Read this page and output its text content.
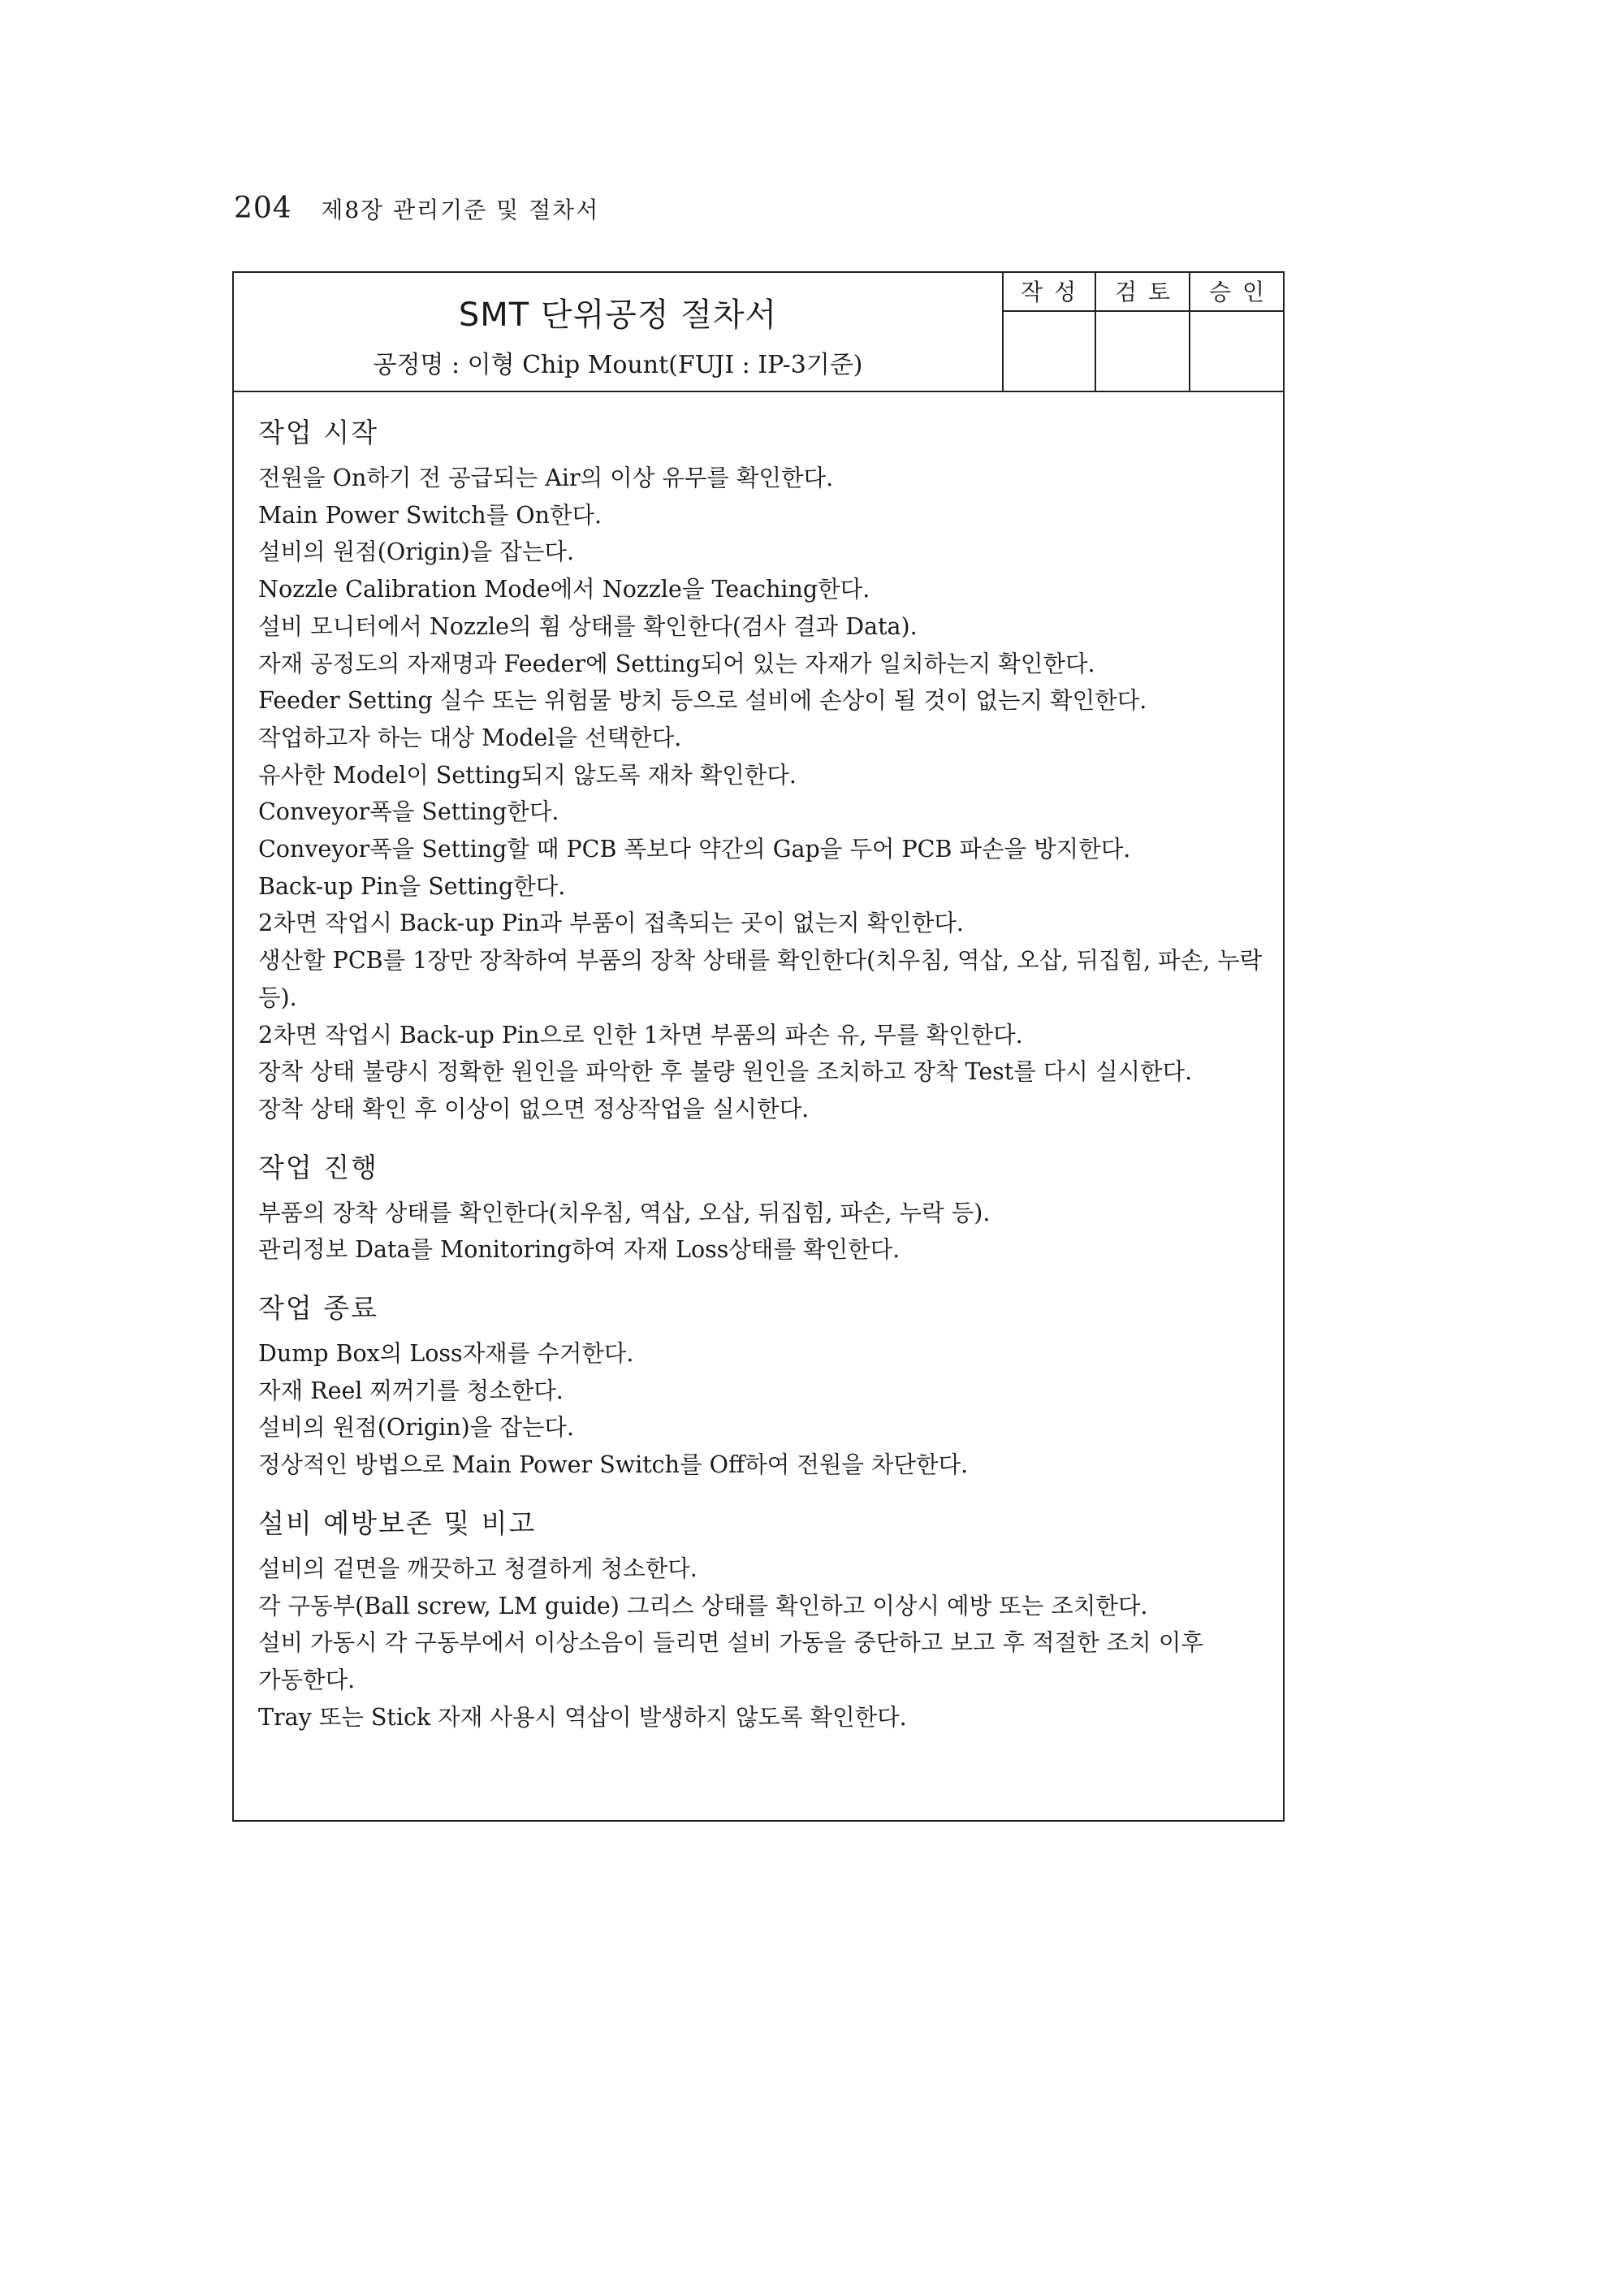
204 제8장 관리기준 및 절차서
SMT 단위공정 절차서
공정명 : 이형 Chip Mount(FUJI : IP-3기준)
작성	검토	승인
작업 시작
전원을 On하기 전 공급되는 Air의 이상 유무를 확인한다.
Main Power Switch를 On한다.
설비의 원점(Origin)을 잡는다.
Nozzle Calibration Mode에서 Nozzle을 Teaching한다.
설비 모니터에서 Nozzle의 휨 상태를 확인한다(검사 결과 Data).
자재 공정도의 자재명과 Feeder에 Setting되어 있는 자재가 일치하는지 확인한다.
Feeder Setting 실수 또는 위험물 방치 등으로 설비에 손상이 될 것이 없는지 확인한다.
작업하고자 하는 대상 Model을 선택한다.
유사한 Model이 Setting되지 않도록 재차 확인한다.
Conveyor폭을 Setting한다.
Conveyor폭을 Setting할 때 PCB 폭보다 약간의 Gap을 두어 PCB 파손을 방지한다.
Back-up Pin을 Setting한다.
2차면 작업시 Back-up Pin과 부품이 접촉되는 곳이 없는지 확인한다.
생산할 PCB를 1장만 장착하여 부품의 장착 상태를 확인한다(치우침, 역삽, 오삽, 뒤집힘, 파손, 누락 등).
2차면 작업시 Back-up Pin으로 인한 1차면 부품의 파손 유, 무를 확인한다.
장착 상태 불량시 정확한 원인을 파악한 후 불량 원인을 조치하고 장착 Test를 다시 실시한다.
장착 상태 확인 후 이상이 없으면 정상작업을 실시한다.
작업 진행
부품의 장착 상태를 확인한다(치우침, 역삽, 오삽, 뒤집힘, 파손, 누락 등).
관리정보 Data를 Monitoring하여 자재 Loss상태를 확인한다.
작업 종료
Dump Box의 Loss자재를 수거한다.
자재 Reel 찌꺼기를 청소한다.
설비의 원점(Origin)을 잡는다.
정상적인 방법으로 Main Power Switch를 Off하여 전원을 차단한다.
설비 예방보존 및 비고
설비의 겉면을 깨끗하고 청결하게 청소한다.
각 구동부(Ball screw, LM guide) 그리스 상태를 확인하고 이상시 예방 또는 조치한다.
설비 가동시 각 구동부에서 이상소음이 들리면 설비 가동을 중단하고 보고 후 적절한 조치 이후 가동한다.
Tray 또는 Stick 자재 사용시 역삽이 발생하지 않도록 확인한다.
